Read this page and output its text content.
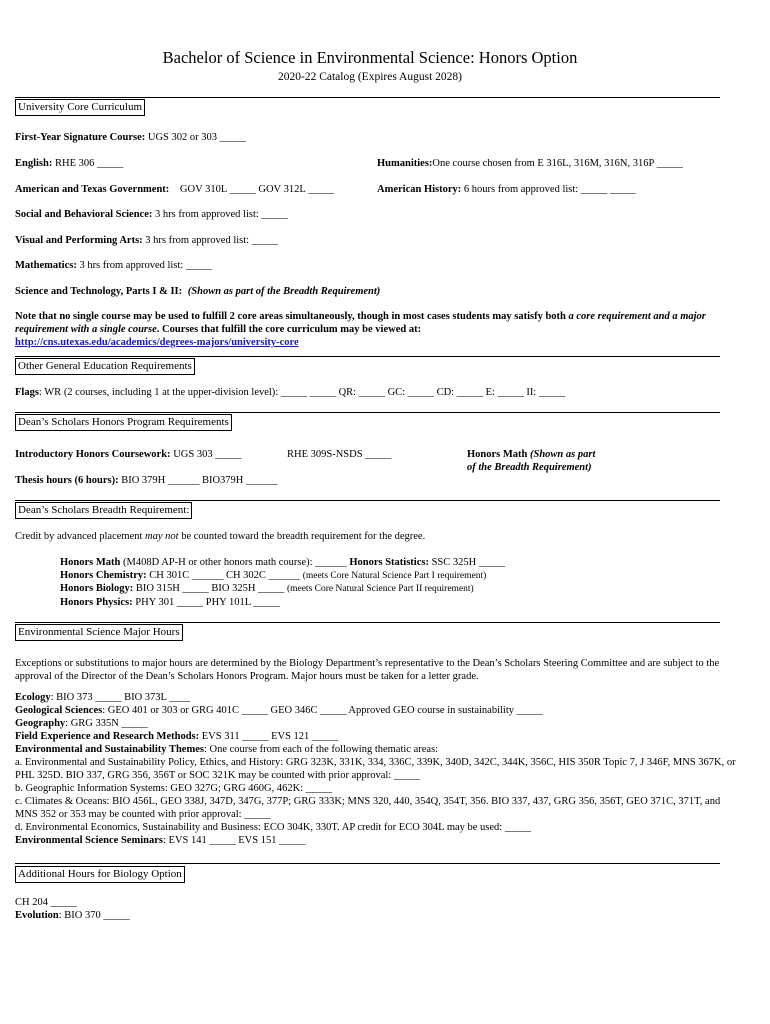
Bachelor of Science in Environmental Science: Honors Option
2020-22 Catalog (Expires August 2028)
University Core Curriculum
First-Year Signature Course: UGS 302 or 303 _____
English: RHE 306 _____	Humanities:One course chosen from E 316L, 316M, 316N, 316P _____
American and Texas Government: GOV 310L _____ GOV 312L _____	American History: 6 hours from approved list: _____ _____
Social and Behavioral Science: 3 hrs from approved list: _____
Visual and Performing Arts: 3 hrs from approved list: _____
Mathematics: 3 hrs from approved list: _____
Science and Technology, Parts I & II: (Shown as part of the Breadth Requirement)
Note that no single course may be used to fulfill 2 core areas simultaneously, though in most cases students may satisfy both a core requirement and a major requirement with a single course. Courses that fulfill the core curriculum may be viewed at:
http://cns.utexas.edu/academics/degrees-majors/university-core
Other General Education Requirements
Flags: WR (2 courses, including 1 at the upper-division level): _____ _____ QR: _____ GC: _____ CD: _____ E: _____ II: _____
Dean’s Scholars Honors Program Requirements
Introductory Honors Coursework: UGS 303 _____	RHE 309S-NSDS _____	Honors Math (Shown as part
of the Breadth Requirement)
Thesis hours (6 hours): BIO 379H ______ BIO379H ______
Dean’s Scholars Breadth Requirement:
Credit by advanced placement may not be counted toward the breadth requirement for the degree.
Honors Math (M408D AP-H or other honors math course): ______ Honors Statistics: SSC 325H _____
Honors Chemistry: CH 301C ______ CH 302C ______ (meets Core Natural Science Part I requirement)
Honors Biology: BIO 315H _____ BIO 325H _____ (meets Core Natural Science Part II requirement)
Honors Physics: PHY 301 _____ PHY 101L _____
Environmental Science Major Hours
Exceptions or substitutions to major hours are determined by the Biology Department’s representative to the Dean’s Scholars Steering Committee and are subject to the approval of the Director of the Dean’s Scholars Honors Program. Major hours must be taken for a letter grade.
Ecology: BIO 373 _____ BIO 373L ____
Geological Sciences: GEO 401 or 303 or GRG 401C _____ GEO 346C _____ Approved GEO course in sustainability _____
Geography: GRG 335N _____
Field Experience and Research Methods: EVS 311 _____ EVS 121 _____
Environmental and Sustainability Themes: One course from each of the following thematic areas:
a. Environmental and Sustainability Policy, Ethics, and History: GRG 323K, 331K, 334, 336C, 339K, 340D, 342C, 344K, 356C, HIS 350R Topic 7, J 346F, MNS 367K, or PHL 325D. BIO 337, GRG 356, 356T or SOC 321K may be counted with prior approval: _____
b. Geographic Information Systems: GEO 327G; GRG 460G, 462K: _____
c. Climates & Oceans: BIO 456L, GEO 338J, 347D, 347G, 377P; GRG 333K; MNS 320, 440, 354Q, 354T, 356. BIO 337, 437, GRG 356, 356T, GEO 371C, 371T, and MNS 352 or 353 may be counted with prior approval: _____
d. Environmental Economics, Sustainability and Business: ECO 304K, 330T. AP credit for ECO 304L may be used: _____
Environmental Science Seminars: EVS 141 _____ EVS 151 _____
Additional Hours for Biology Option
CH 204 _____
Evolution: BIO 370 _____
